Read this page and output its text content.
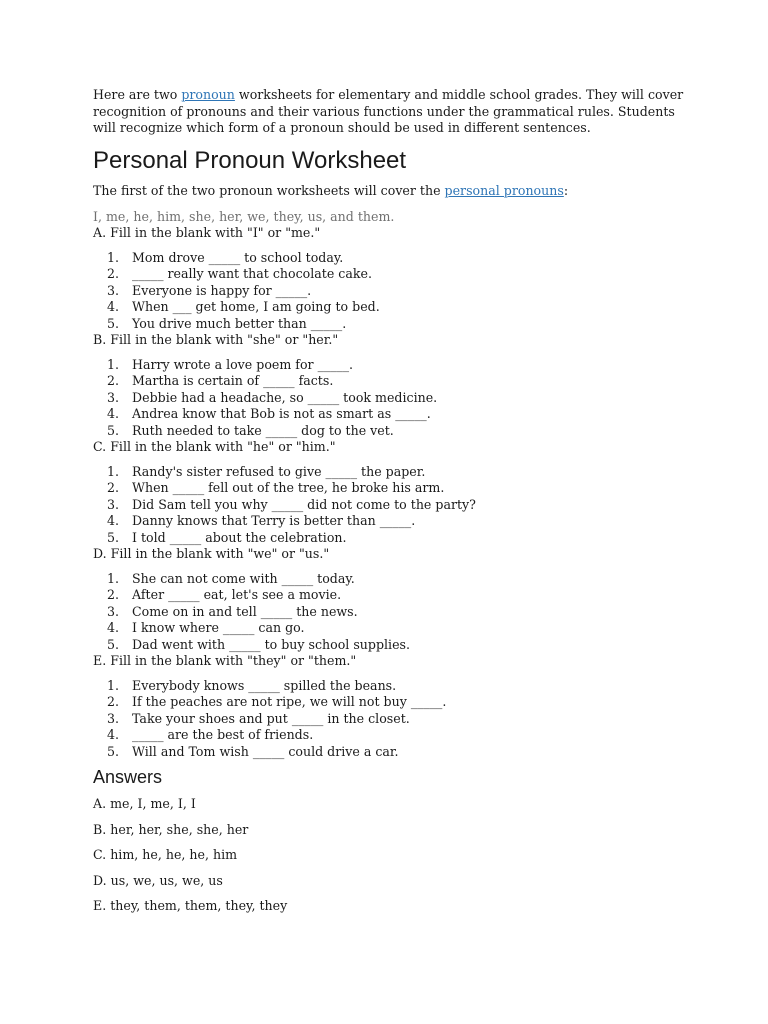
Here are two pronoun worksheets for elementary and middle school grades. They will cover recognition of pronouns and their various functions under the grammatical rules. Students will recognize which form of a pronoun should be used in different sentences.

Personal Pronoun Worksheet

The first of the two pronoun worksheets will cover the personal pronouns:

I, me, he, him, she, her, we, they, us, and them.

A. Fill in the blank with "I" or "me."

1.
Mom drove _____ to school today.
2.
_____ really want that chocolate cake.
3.
Everyone is happy for _____.
4.
When ___ get home, I am going to bed.
5.
You drive much better than _____.

B. Fill in the blank with "she" or "her."

1.
Harry wrote a love poem for _____.
2.
Martha is certain of _____ facts.
3.
Debbie had a headache, so _____ took medicine.
4.
Andrea know that Bob is not as smart as _____.
5.
Ruth needed to take _____ dog to the vet.

C. Fill in the blank with "he" or "him."

1.
Randy's sister refused to give _____ the paper.
2.
When _____ fell out of the tree, he broke his arm.
3.
Did Sam tell you why _____ did not come to the party?
4.
Danny knows that Terry is better than _____.
5.
I told _____ about the celebration.

D. Fill in the blank with "we" or "us."

1.
She can not come with _____ today.
2.
After _____ eat, let's see a movie.
3.
Come on in and tell _____ the news.
4.
I know where _____ can go.
5.
Dad went with _____ to buy school supplies.

E. Fill in the blank with "they" or "them."

1.
Everybody knows _____ spilled the beans.
2.
If the peaches are not ripe, we will not buy _____.
3.
Take your shoes and put _____ in the closet.
4.
_____ are the best of friends.
5.
Will and Tom wish _____ could drive a car.
Answers

A. me, I, me, I, I

B. her, her, she, she, her

C. him, he, he, he, him

D. us, we, us, we, us

E. they, them, them, they, they
